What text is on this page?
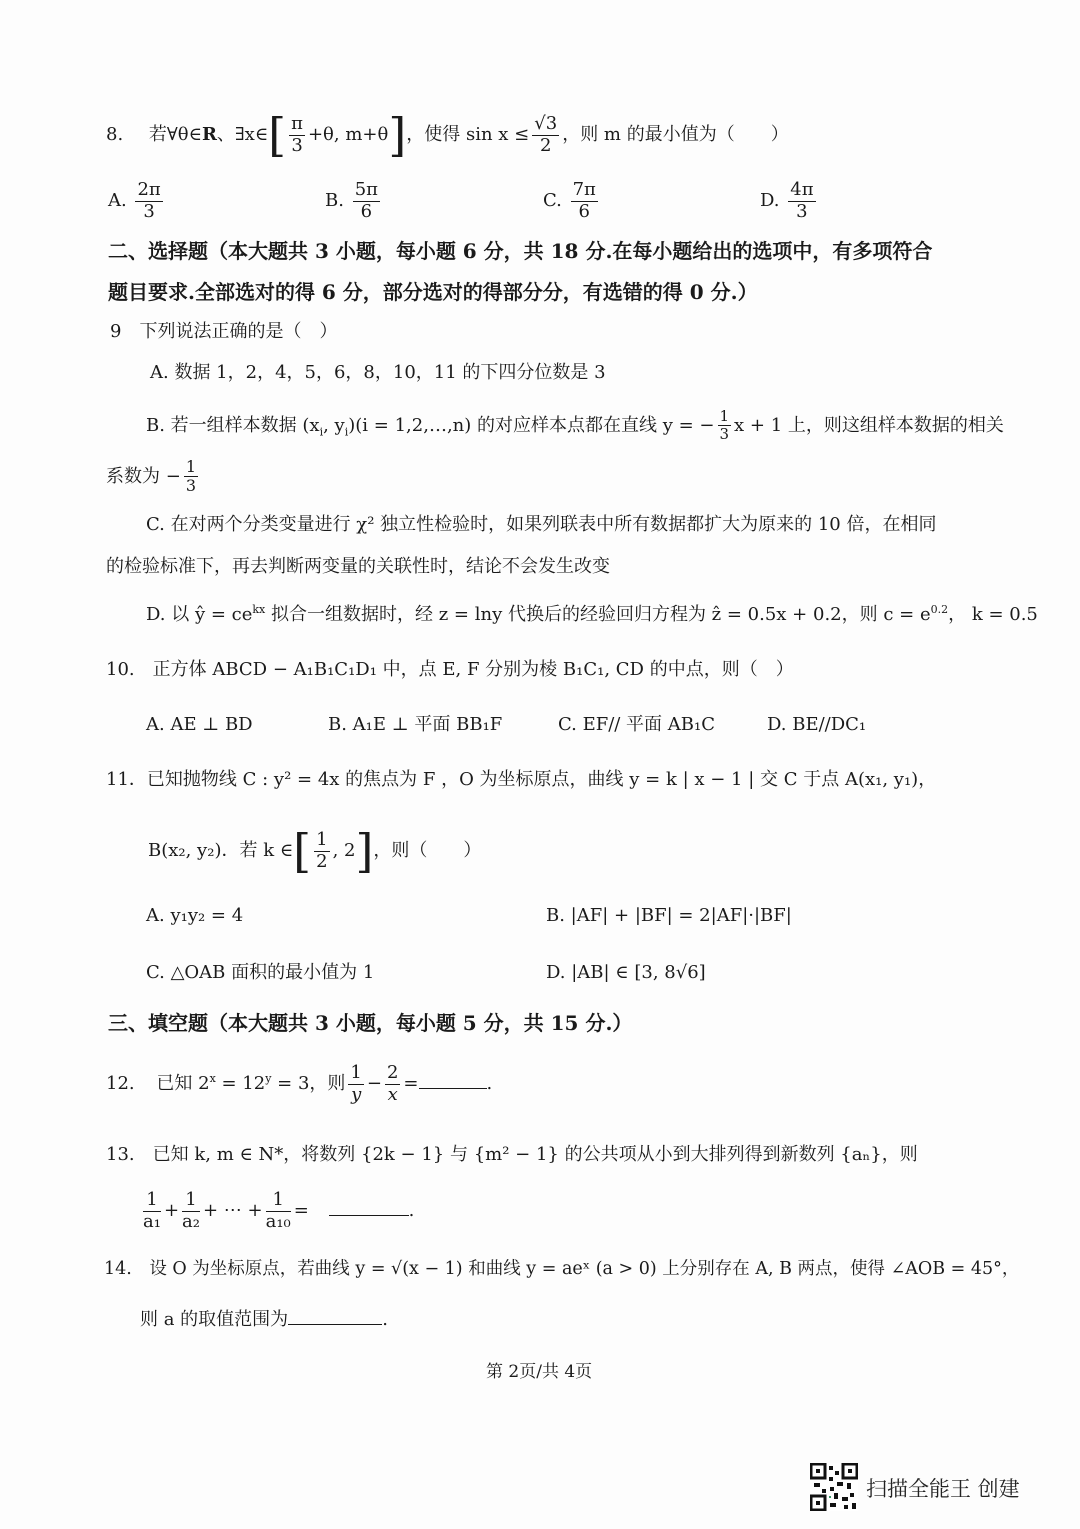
8. 若∀θ∈R、∃x∈[ $\frac{\pi}{3} +\theta$, m+θ]，使得 $\sin x \le \frac{√3}{2}$ ，则 m 的最小值为（　　）
A. $\frac{2\pi}{3}$	B. $\frac{5\pi}{6}$	C. $\frac{7\pi}{6}$	D. $\frac{4\pi}{3}$
二、选择题（本大题共 3 小题，每小题 6 分，共 18 分.在每小题给出的选项中，有多项符合
题目要求.全部选对的得 6 分，部分选对的得部分分，有选错的得 0 分.）
9　下列说法正确的是（　）
A. 数据 1，2，4，5，6，8，10，11 的下四分位数是 3
B. 若一组样本数据 ($x_i$, $y_i)(i$ = 1,2,…,n) 的对应样本点都在直线 y = − $\frac{1}{3}$ x + 1 上，则这组样本数据的相关
系数为 − $\frac{1}{3}$
C. 在对两个分类变量进行 χ² 独立性检验时，如果列联表中所有数据都扩大为原来的 10 倍，在相同
的检验标准下，再去判断两变量的关联性时，结论不会发生改变
D. 以 ŷ = $ce^{kx}$ 拟合一组数据时，经 z = lny 代换后的经验回归方程为 ẑ = 0.5x + 0.2，则 $c = e^{0.2}$， k = 0.5
10.　正方体 ABCD − A₁B₁C₁D₁ 中，点 E, F 分别为棱 B₁C₁, CD 的中点，则（　）
A. AE ⊥ BD	B. A₁E ⊥ 平面 BB₁F	C. EF// 平面 AB₁C	D. BE//DC₁
11．已知抛物线 C : y² = 4x 的焦点为 F ，O 为坐标原点，曲线 y = k | x − 1 | 交 C 于点 A(x₁, y₁)，
B(x₂, y₂)．若 k ∈[ $\frac{1}{2}$ , 2]，则（　　）
A. y₁y₂ = 4	B. |AF| + |BF| = 2|AF|·|BF|
C. △OAB 面积的最小值为 1	D. |AB| ∈ [3, 8√6]
三、填空题（本大题共 3 小题，每小题 5 分，共 15 分.）
12. 已知 $2^x = 12^y = 3$，则 $\frac{1}{y} - \frac{2}{x}$ =	.
13.　已知 k, m ∈ N*，将数列 {2k − 1} 与 {m² − 1} 的公共项从小到大排列得到新数列 {aₙ}，则
$\frac{1}{\text{a₁}} + \frac{1}{\text{a₂}}$ + ⋯ + $\frac{1}{\text{a₁₀}}$ =	.
14.　设 O 为坐标原点，若曲线 y = √(x − 1) 和曲线 y = aeˣ (a > 0) 上分别存在 A, B 两点，使得 ∠AOB = 45°，
则 a 的取值范围为	.
第 2页/共 4页
扫描全能王 创建
